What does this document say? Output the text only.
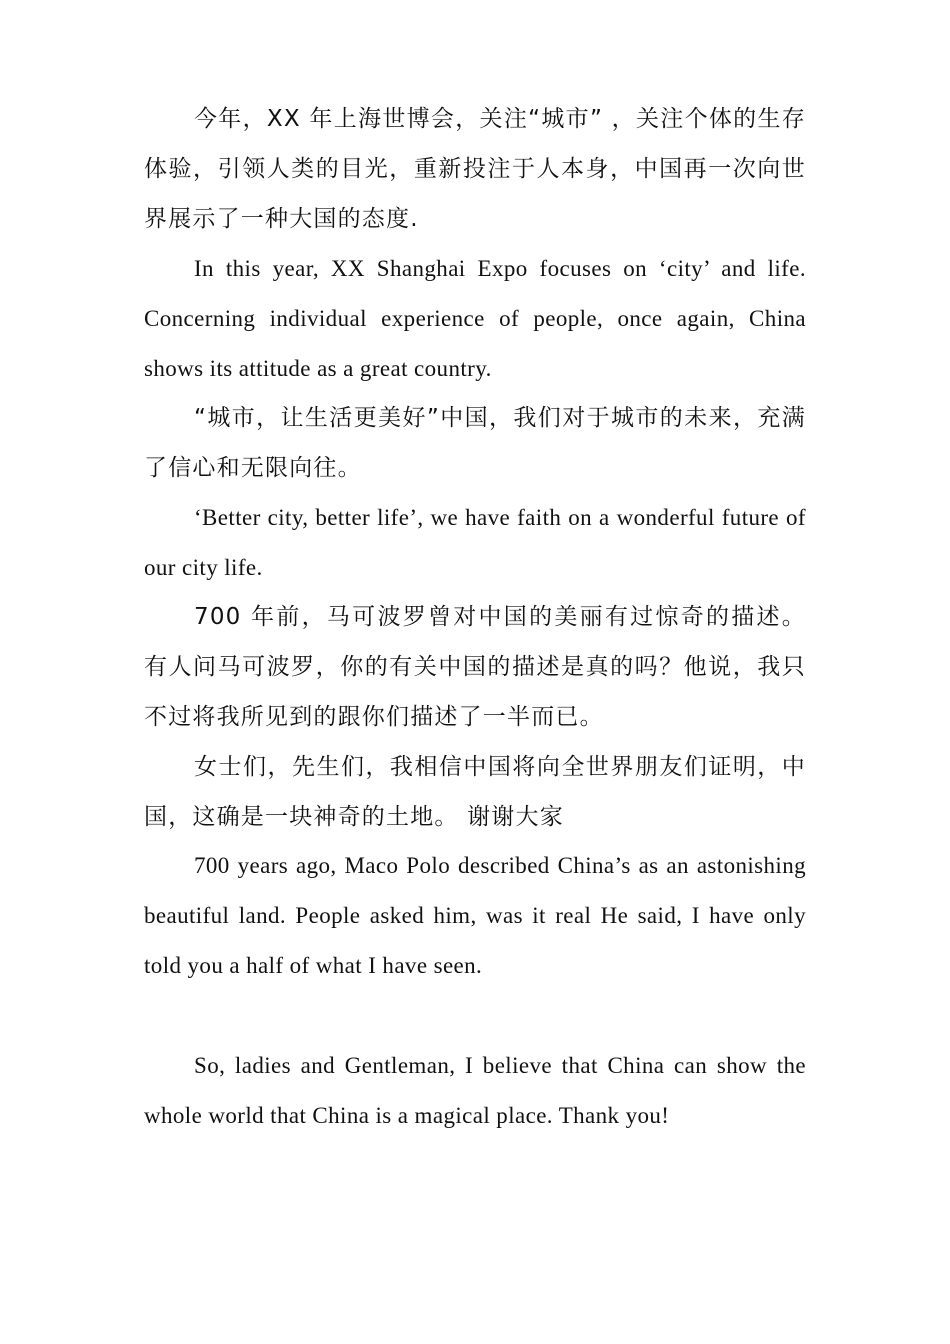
今年，XX 年上海世博会，关注“城市” ，关注个体的生存体验，引领人类的目光，重新投注于人本身，中国再一次向世界展示了一种大国的态度.

In this year, XX Shanghai Expo focuses on ‘city’ and life. Concerning individual experience of people, once again, China shows its attitude as a great country.

“城市，让生活更美好”中国，我们对于城市的未来，充满了信心和无限向往。

‘Better city, better life’, we have faith on a wonderful future of our city life.

700 年前，马可波罗曾对中国的美丽有过惊奇的描述。有人问马可波罗，你的有关中国的描述是真的吗？他说，我只不过将我所见到的跟你们描述了一半而已。

女士们，先生们，我相信中国将向全世界朋友们证明，中国，这确是一块神奇的土地。 谢谢大家

700 years ago, Maco Polo described China’s as an astonishing beautiful land. People asked him, was it real He said, I have only told you a half of what I have seen.

So, ladies and Gentleman, I believe that China can show the whole world that China is a magical place. Thank you!
